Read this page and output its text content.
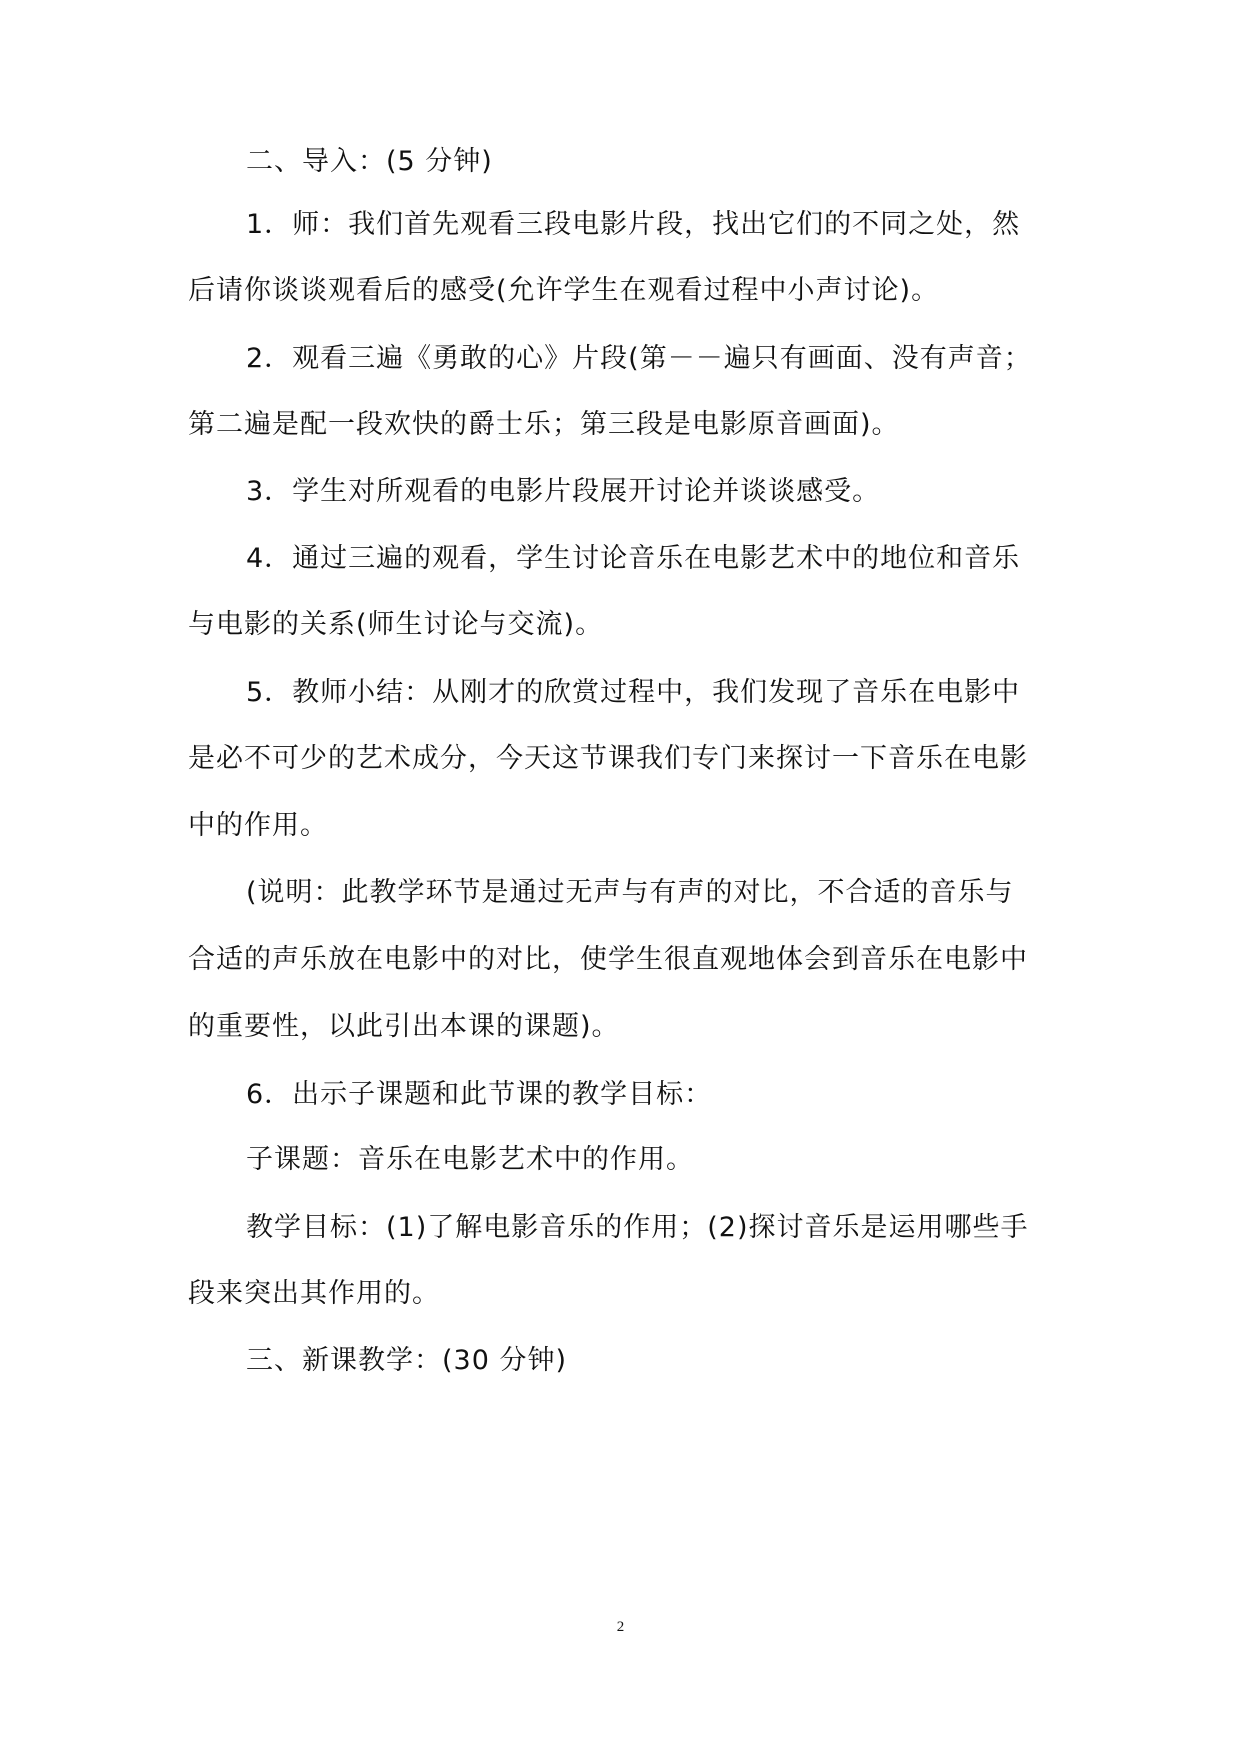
二、导入：(5 分钟)
1．师：我们首先观看三段电影片段，找出它们的不同之处，然
后请你谈谈观看后的感受(允许学生在观看过程中小声讨论)。
2．观看三遍《勇敢的心》片段(第－－遍只有画面、没有声音；
第二遍是配一段欢快的爵士乐；第三段是电影原音画面)。
3．学生对所观看的电影片段展开讨论并谈谈感受。
4．通过三遍的观看，学生讨论音乐在电影艺术中的地位和音乐
与电影的关系(师生讨论与交流)。
5．教师小结：从刚才的欣赏过程中，我们发现了音乐在电影中
是必不可少的艺术成分，今天这节课我们专门来探讨一下音乐在电影
中的作用。
(说明：此教学环节是通过无声与有声的对比，不合适的音乐与
合适的声乐放在电影中的对比，使学生很直观地体会到音乐在电影中
的重要性，以此引出本课的课题)。
6．出示子课题和此节课的教学目标：
子课题：音乐在电影艺术中的作用。
教学目标：(1)了解电影音乐的作用；(2)探讨音乐是运用哪些手
段来突出其作用的。
三、新课教学：(30 分钟)
2
